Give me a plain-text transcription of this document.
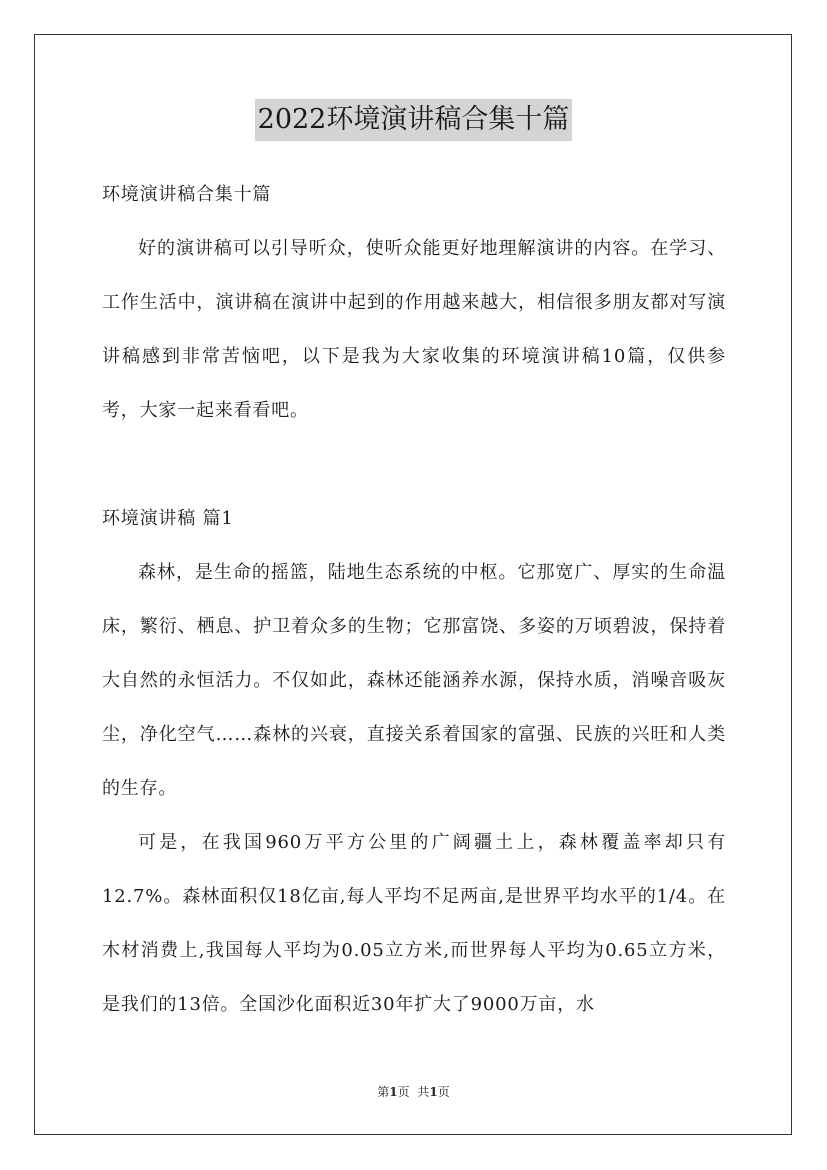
2022环境演讲稿合集十篇

环境演讲稿合集十篇

好的演讲稿可以引导听众，使听众能更好地理解演讲的内容。在学习、工作生活中，演讲稿在演讲中起到的作用越来越大，相信很多朋友都对写演讲稿感到非常苦恼吧，以下是我为大家收集的环境演讲稿10篇，仅供参考，大家一起来看看吧。

环境演讲稿 篇1

森林，是生命的摇篮，陆地生态系统的中枢。它那宽广、厚实的生命温床，繁衍、栖息、护卫着众多的生物；它那富饶、多姿的万顷碧波，保持着大自然的永恒活力。不仅如此，森林还能涵养水源，保持水质，消噪音吸灰尘，净化空气……森林的兴衰，直接关系着国家的富强、民族的兴旺和人类的生存。

可是，在我国960万平方公里的广阔疆土上，森林覆盖率却只有12.7%。森林面积仅18亿亩,每人平均不足两亩,是世界平均水平的1/4。在木材消费上,我国每人平均为0.05立方米,而世界每人平均为0.65立方米，是我们的13倍。全国沙化面积近30年扩大了9000万亩，水

第1页 共1页
